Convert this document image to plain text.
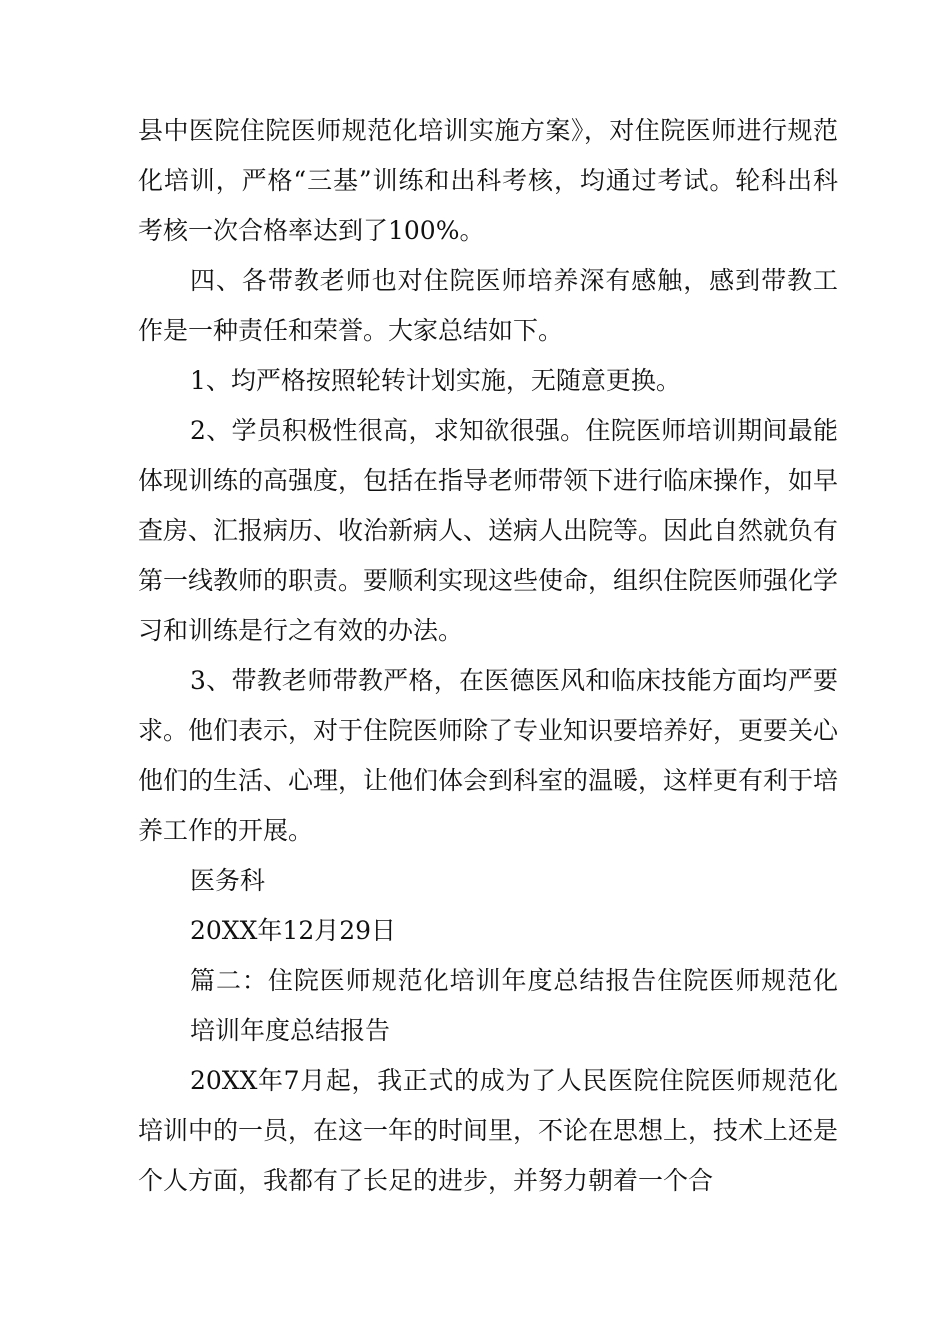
县中医院住院医师规范化培训实施方案》，对住院医师进行规范化培训，严格“三基”训练和出科考核，均通过考试。轮科出科考核一次合格率达到了100%。

四、各带教老师也对住院医师培养深有感触，感到带教工作是一种责任和荣誉。大家总结如下。

1、均严格按照轮转计划实施，无随意更换。

2、学员积极性很高，求知欲很强。住院医师培训期间最能体现训练的高强度，包括在指导老师带领下进行临床操作，如早查房、汇报病历、收治新病人、送病人出院等。因此自然就负有第一线教师的职责。要顺利实现这些使命，组织住院医师强化学习和训练是行之有效的办法。

3、带教老师带教严格，在医德医风和临床技能方面均严要求。他们表示，对于住院医师除了专业知识要培养好，更要关心他们的生活、心理，让他们体会到科室的温暖，这样更有利于培养工作的开展。

医务科

20XX年12月29日

篇二：住院医师规范化培训年度总结报告住院医师规范化培训年度总结报告

20XX年7月起，我正式的成为了人民医院住院医师规范化培训中的一员，在这一年的时间里，不论在思想上，技术上还是个人方面，我都有了长足的进步，并努力朝着一个合
